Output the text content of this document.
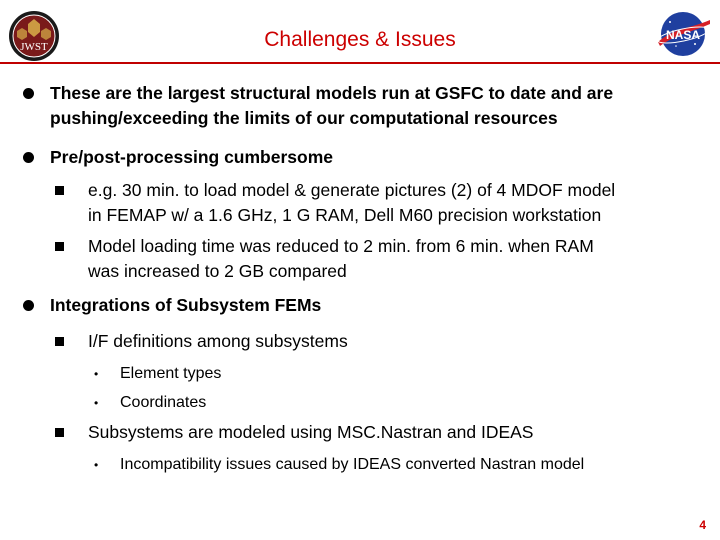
JWST	Challenges & Issues	NASA
These are the largest structural models run at GSFC to date and are
pushing/exceeding the limits of our computational resources
Pre/post-processing cumbersome
e.g. 30 min. to load model & generate pictures (2) of 4 MDOF model
in FEMAP w/ a 1.6 GHz, 1 G RAM, Dell M60 precision workstation
Model loading time was reduced to 2 min. from 6 min. when RAM
was increased to 2 GB compared
Integrations of Subsystem FEMs
I/F definitions among subsystems
• Element types
• Coordinates
Subsystems are modeled using MSC.Nastran and IDEAS
• Incompatibility issues caused by IDEAS converted Nastran model
4
